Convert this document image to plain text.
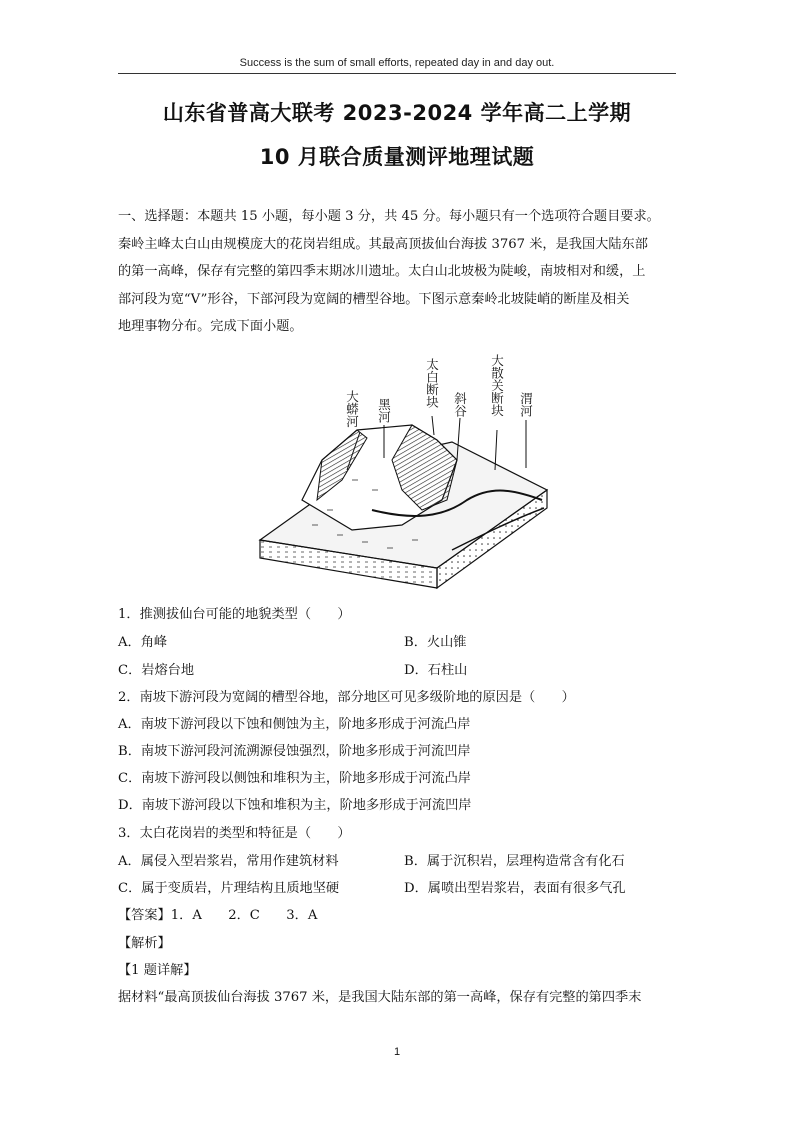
Success is the sum of small efforts, repeated day in and day out.
山东省普高大联考 2023-2024 学年高二上学期
10 月联合质量测评地理试题

一、选择题：本题共 15 小题，每小题 3 分，共 45 分。每小题只有一个选项符合题目要求。

秦岭主峰太白山由规模庞大的花岗岩组成。其最高顶拔仙台海拔 3767 米，是我国大陆东部

的第一高峰，保存有完整的第四季末期冰川遗址。太白山北坡极为陡峻，南坡相对和缓，上

部河段为宽“V”形谷，下部河段为宽阔的槽型谷地。下图示意秦岭北坡陡峭的断崖及相关

地理事物分布。完成下面小题。

大蟒河 黑河
太白断块 斜谷 大散关断块 渭河
1．推测拔仙台可能的地貌类型（　　）
A．角峰	B．火山锥
C．岩熔台地	D．石柱山
2．南坡下游河段为宽阔的槽型谷地，部分地区可见多级阶地的原因是（　　）
A．南坡下游河段以下蚀和侧蚀为主，阶地多形成于河流凸岸
B．南坡下游河段河流溯源侵蚀强烈，阶地多形成于河流凹岸
C．南坡下游河段以侧蚀和堆积为主，阶地多形成于河流凸岸
D．南坡下游河段以下蚀和堆积为主，阶地多形成于河流凹岸
3．太白花岗岩的类型和特征是（　　）
A．属侵入型岩浆岩，常用作建筑材料	B．属于沉积岩，层理构造常含有化石
C．属于变质岩，片理结构且质地坚硬	D．属喷出型岩浆岩，表面有很多气孔
【答案】1．A　　2．C　　3．A
【解析】
【1 题详解】
据材料“最高顶拔仙台海拔 3767 米，是我国大陆东部的第一高峰，保存有完整的第四季末
1
